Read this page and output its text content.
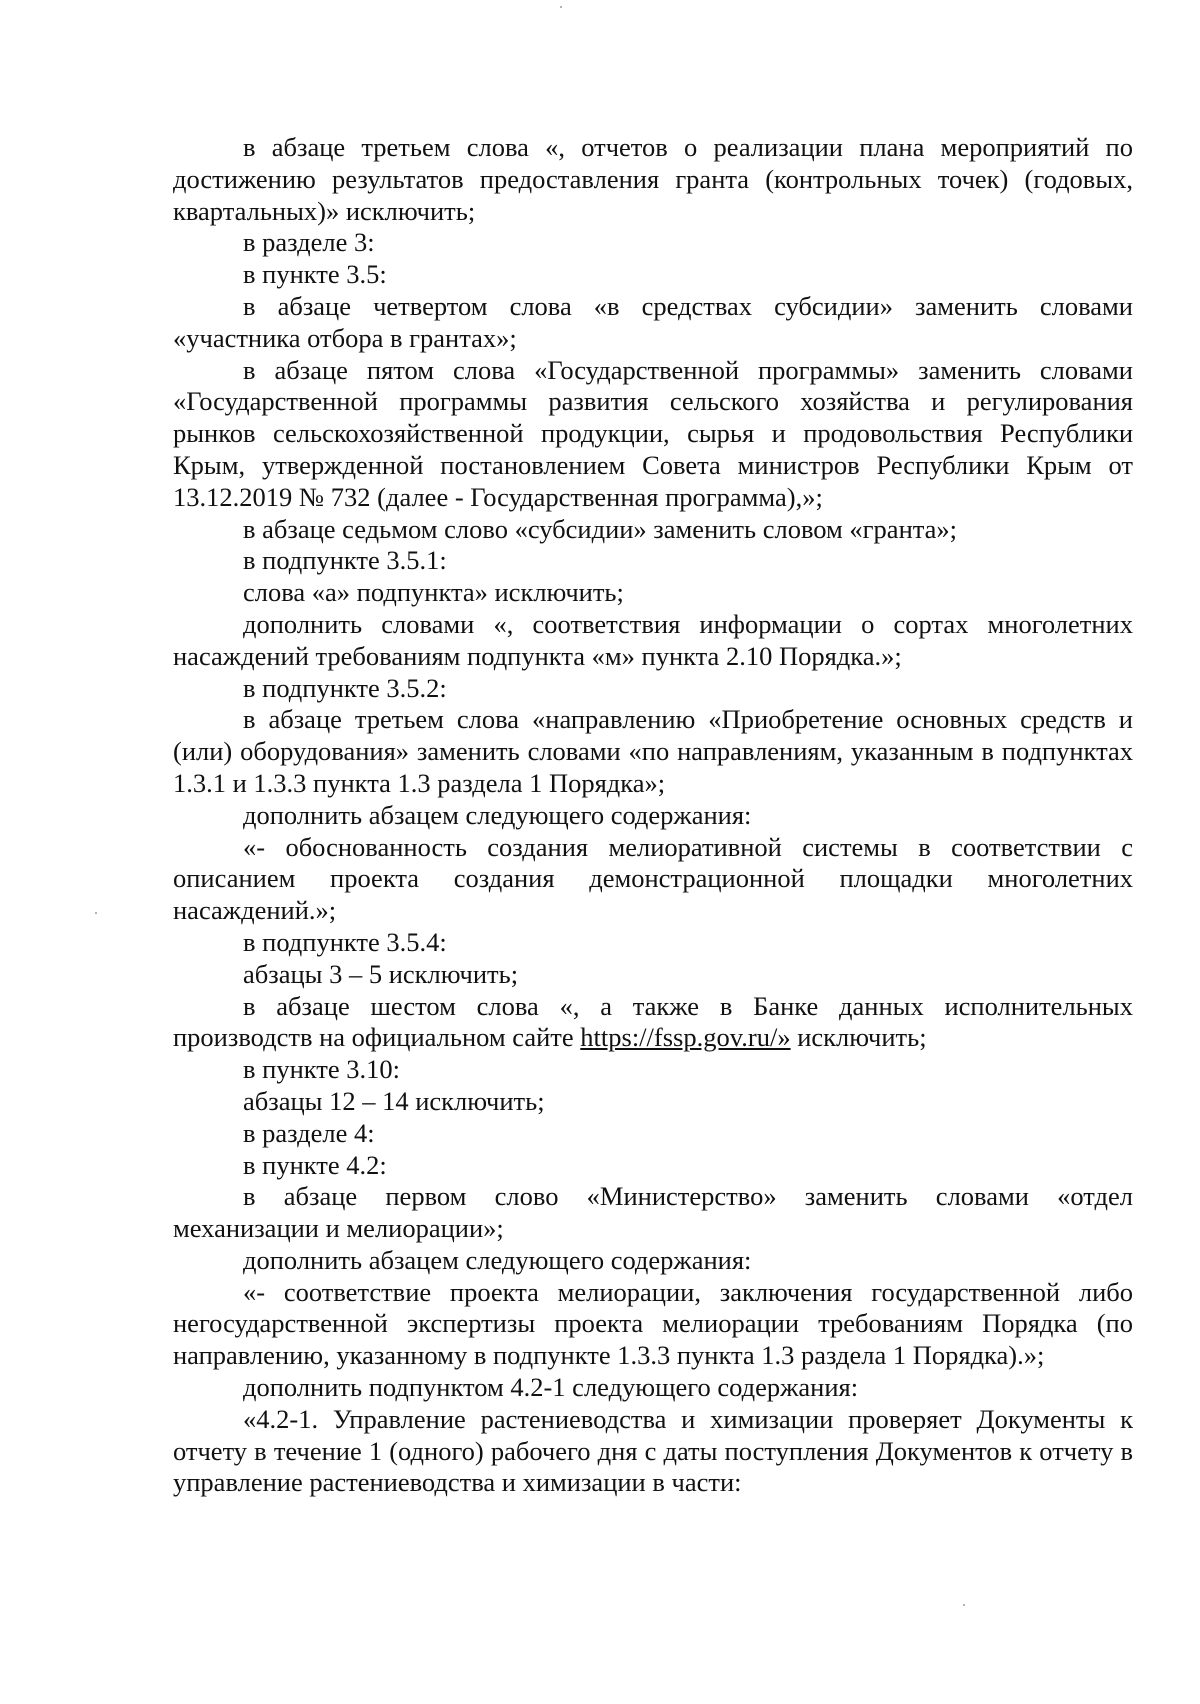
в абзаце третьем слова «, отчетов о реализации плана мероприятий по достижению результатов предоставления гранта (контрольных точек) (годовых, квартальных)» исключить;

в разделе 3:

в пункте 3.5:

в абзаце четвертом слова «в средствах субсидии» заменить словами «участника отбора в грантах»;

в абзаце пятом слова «Государственной программы» заменить словами «Государственной программы развития сельского хозяйства и регулирования рынков сельскохозяйственной продукции, сырья и продовольствия Республики Крым, утвержденной постановлением Совета министров Республики Крым от 13.12.2019 № 732 (далее - Государственная программа),»;

в абзаце седьмом слово «субсидии» заменить словом «гранта»;

в подпункте 3.5.1:

слова «а» подпункта» исключить;

дополнить словами «, соответствия информации о сортах многолетних насаждений требованиям подпункта «м» пункта 2.10 Порядка.»;

в подпункте 3.5.2:

в абзаце третьем слова «направлению «Приобретение основных средств и (или) оборудования» заменить словами «по направлениям, указанным в подпунктах 1.3.1 и 1.3.3 пункта 1.3 раздела 1 Порядка»;

дополнить абзацем следующего содержания:

«- обоснованность создания мелиоративной системы в соответствии с описанием проекта создания демонстрационной площадки многолетних насаждений.»;

в подпункте 3.5.4:

абзацы 3 – 5 исключить;

в абзаце шестом слова «, а также в Банке данных исполнительных производств на официальном сайте https://fssp.gov.ru/» исключить;

в пункте 3.10:

абзацы 12 – 14 исключить;

в разделе 4:

в пункте 4.2:

в абзаце первом слово «Министерство» заменить словами «отдел механизации и мелиорации»;

дополнить абзацем следующего содержания:

«- соответствие проекта мелиорации, заключения государственной либо негосударственной экспертизы проекта мелиорации требованиям Порядка (по направлению, указанному в подпункте 1.3.3 пункта 1.3 раздела 1 Порядка).»;

дополнить подпунктом 4.2-1 следующего содержания:

«4.2-1. Управление растениеводства и химизации проверяет Документы к отчету в течение 1 (одного) рабочего дня с даты поступления Документов к отчету в управление растениеводства и химизации в части:
